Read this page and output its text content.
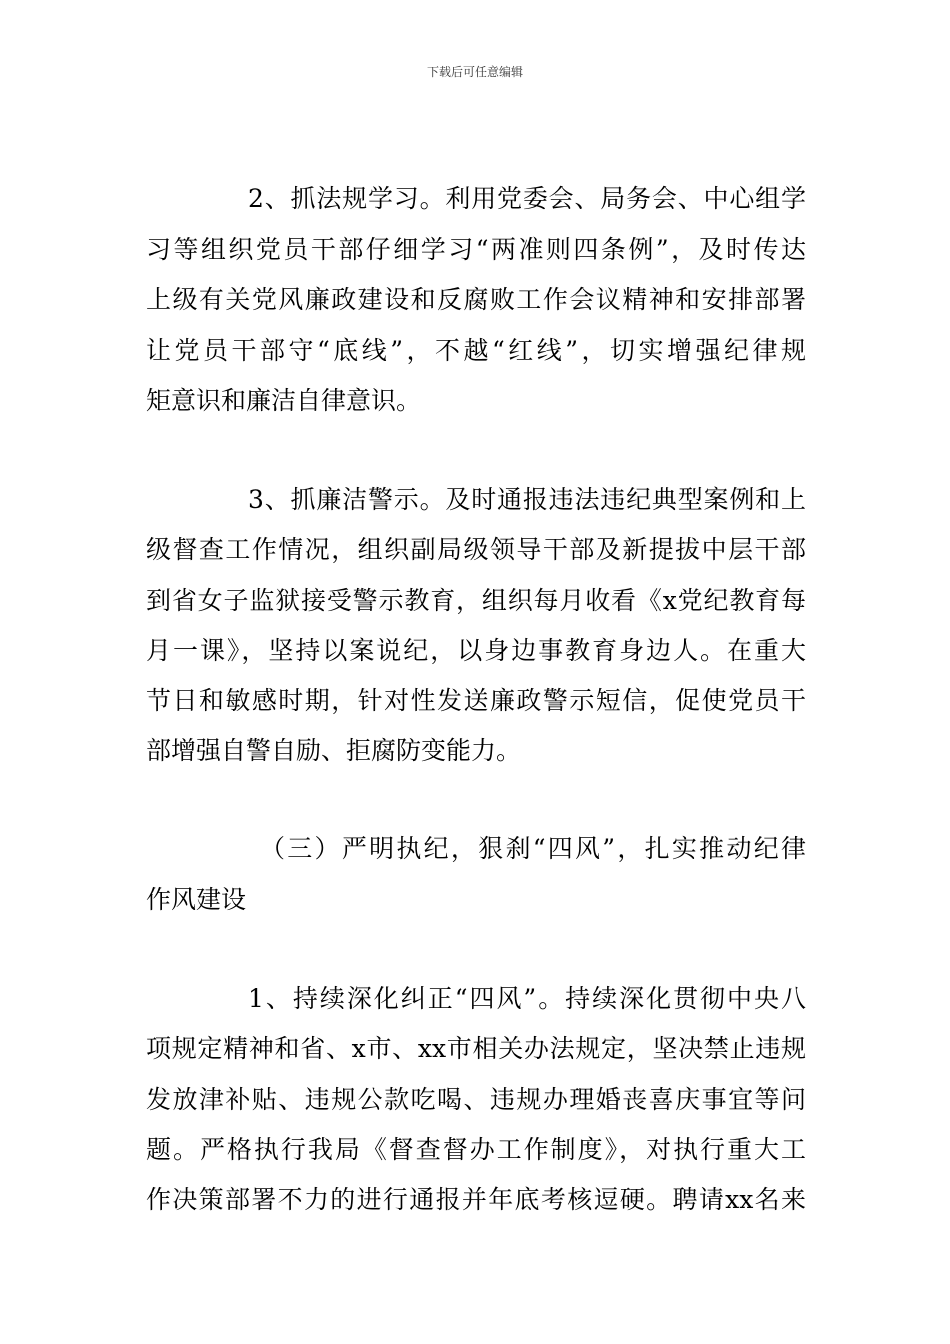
下载后可任意编辑
2、抓法规学习。利用党委会、局务会、中心组学
习等组织党员干部仔细学习“两准则四条例”，及时传达
上级有关党风廉政建设和反腐败工作会议精神和安排部署
让党员干部守“底线”，不越“红线”，切实增强纪律规
矩意识和廉洁自律意识。
3、抓廉洁警示。及时通报违法违纪典型案例和上
级督查工作情况，组织副局级领导干部及新提拔中层干部
到省女子监狱接受警示教育，组织每月收看《x党纪教育每
月一课》，坚持以案说纪，以身边事教育身边人。在重大
节日和敏感时期，针对性发送廉政警示短信，促使党员干
部增强自警自励、拒腐防变能力。
（三）严明执纪，狠刹“四风”，扎实推动纪律
作风建设
1、持续深化纠正“四风”。持续深化贯彻中央八
项规定精神和省、x市、xx市相关办法规定，坚决禁止违规
发放津补贴、违规公款吃喝、违规办理婚丧喜庆事宜等问
题。严格执行我局《督查督办工作制度》，对执行重大工
作决策部署不力的进行通报并年底考核逗硬。聘请xx名来
